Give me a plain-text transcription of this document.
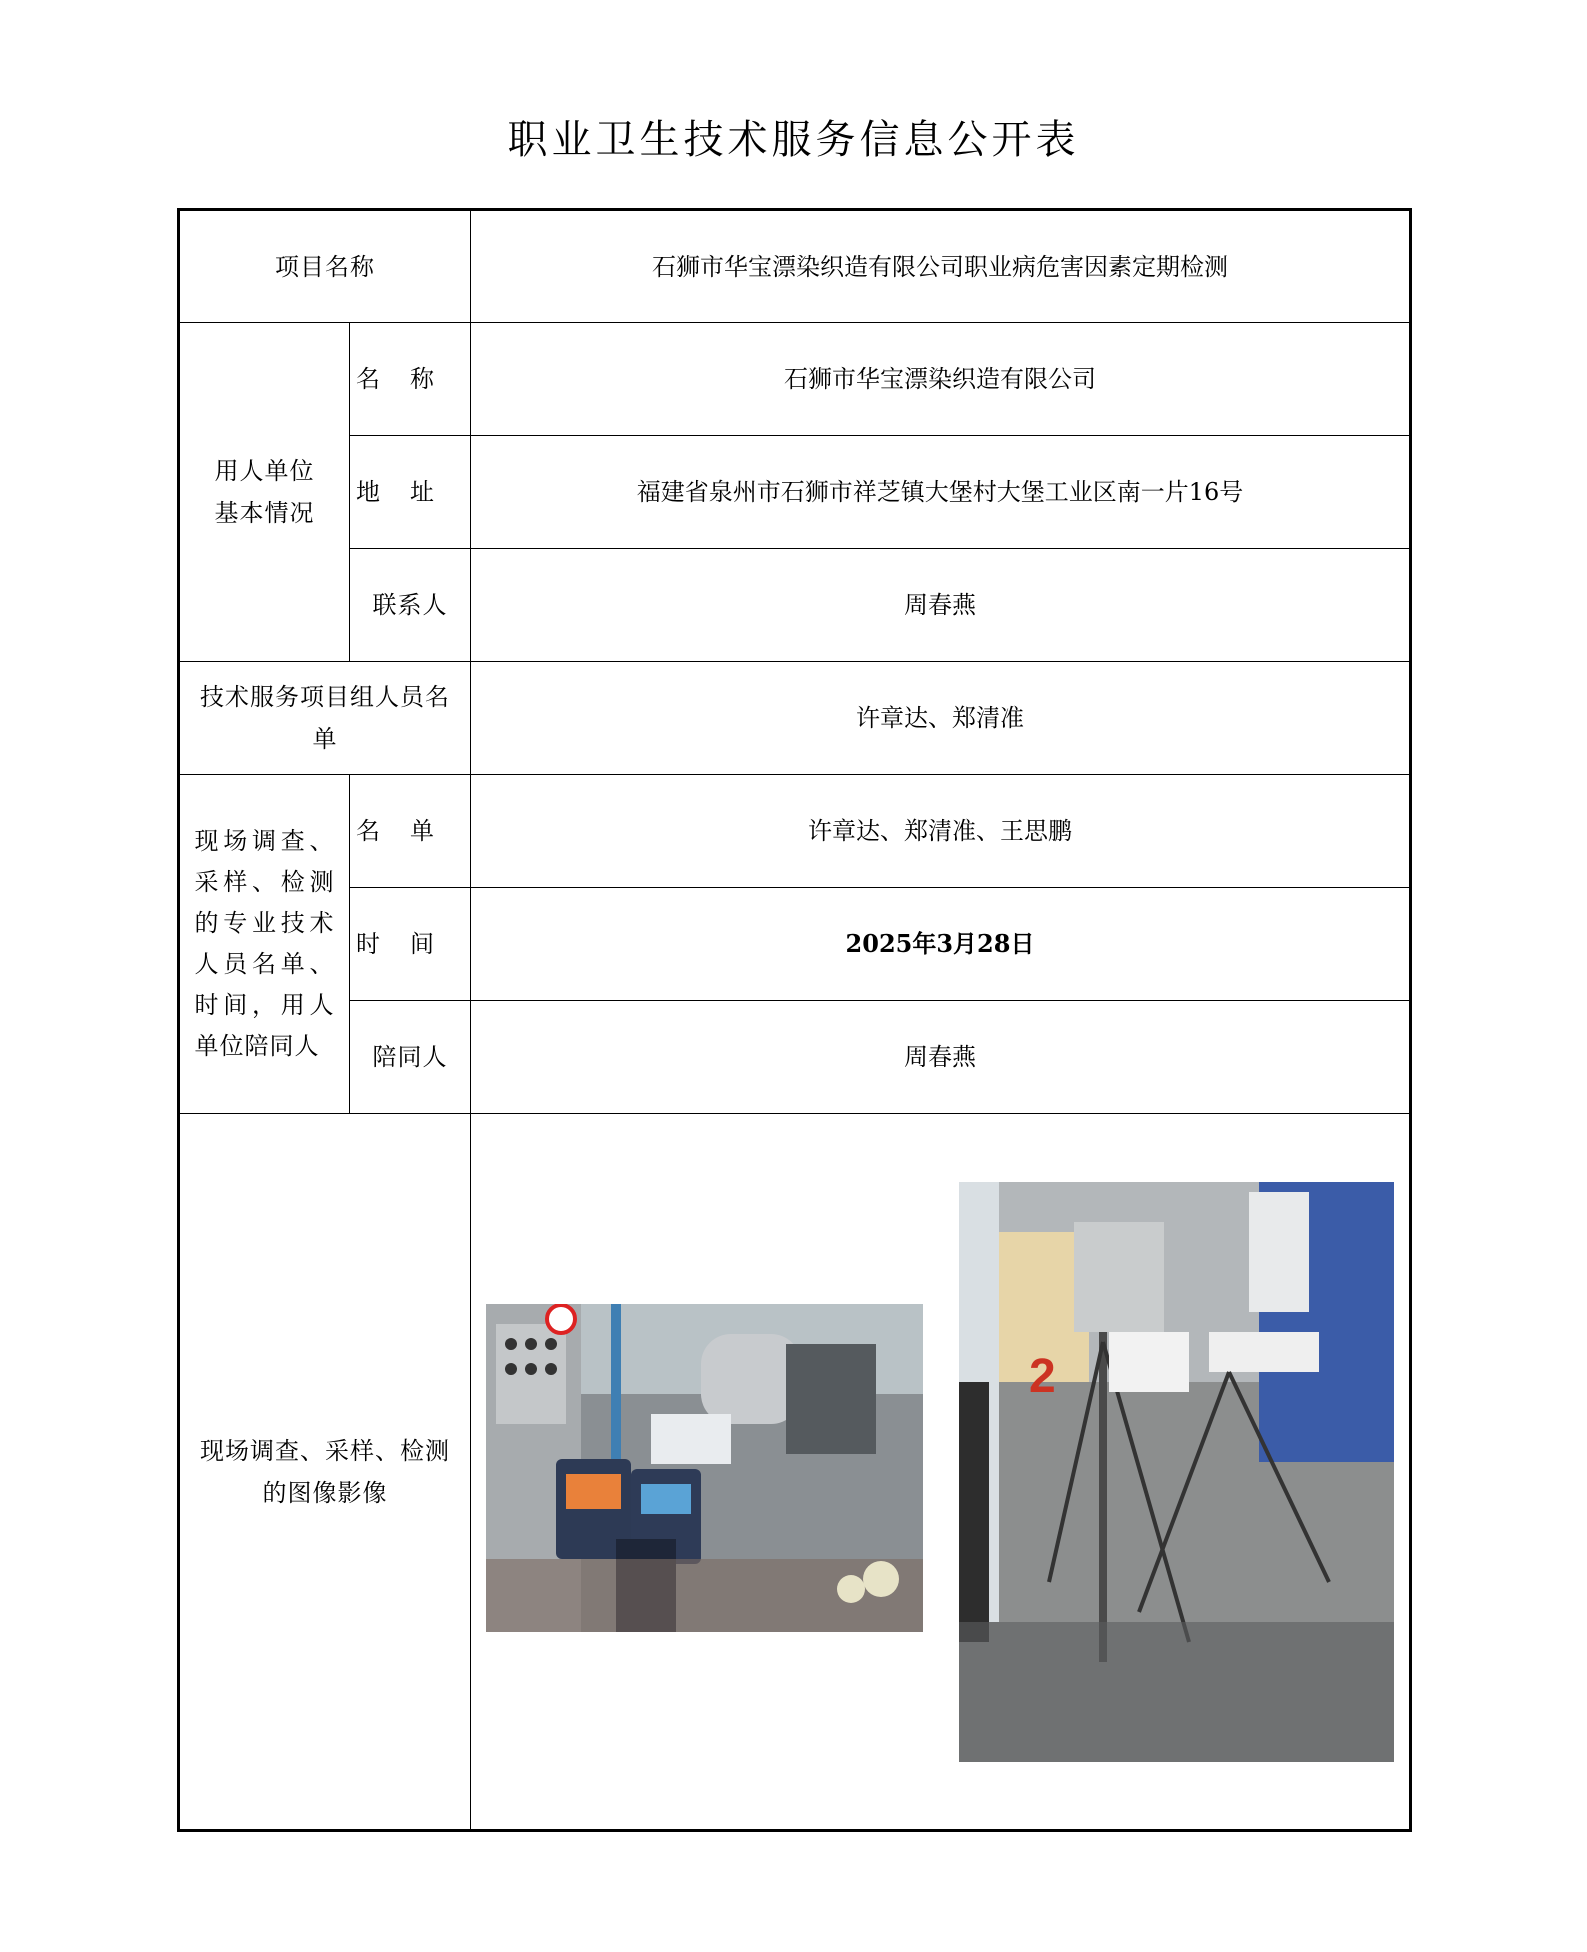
职业卫生技术服务信息公开表
项目名称		石狮市华宝漂染织造有限公司职业病危害因素定期检测
用人单位基本情况	名称	石狮市华宝漂染织造有限公司
	地址	福建省泉州市石狮市祥芝镇大堡村大堡工业区南一片16号
	联系人	周春燕
技术服务项目组人员名单		许章达、郑清准
现场调查、采样、检测的专业技术人员名单、时间，用人单位陪同人	名单	许章达、郑清准、王思鹏
	时间	2025年3月28日
	陪同人	周春燕
现场调查、采样、检测的图像影像		2
